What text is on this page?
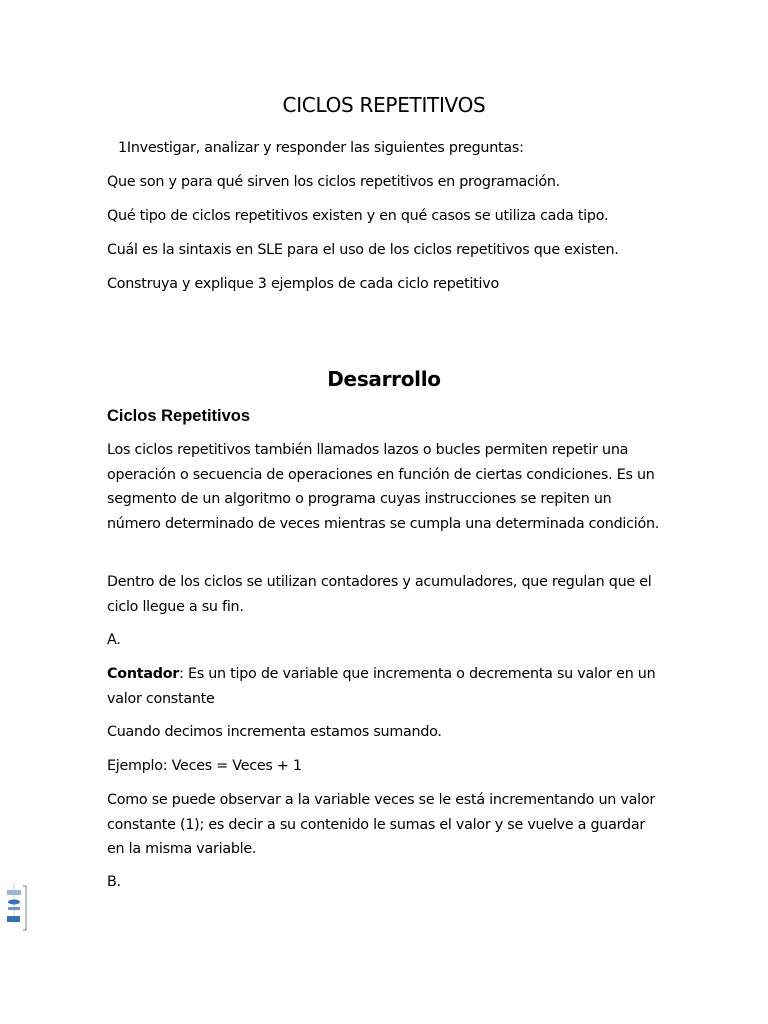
CICLOS REPETITIVOS
1Investigar, analizar y responder las siguientes preguntas:
Que son y para qué sirven los ciclos repetitivos en programación.
Qué tipo de ciclos repetitivos existen y en qué casos se utiliza cada tipo.
Cuál es la sintaxis en SLE para el uso de los ciclos repetitivos que existen.
Construya y explique 3 ejemplos de cada ciclo repetitivo
Desarrollo
Ciclos Repetitivos
Los ciclos repetitivos también llamados lazos o bucles permiten repetir una operación o secuencia de operaciones en función de ciertas condiciones. Es un segmento de un algoritmo o programa cuyas instrucciones se repiten un número determinado de veces mientras se cumpla una determinada condición.
Dentro de los ciclos se utilizan contadores y acumuladores, que regulan que el ciclo llegue a su fin.
A.
Contador: Es un tipo de variable que incrementa o decrementa su valor en un valor constante
Cuando decimos incrementa estamos sumando.
Ejemplo: Veces = Veces + 1
Como se puede observar a la variable veces se le está incrementando un valor constante (1); es decir a su contenido le sumas el valor y se vuelve a guardar en la misma variable.
B.
